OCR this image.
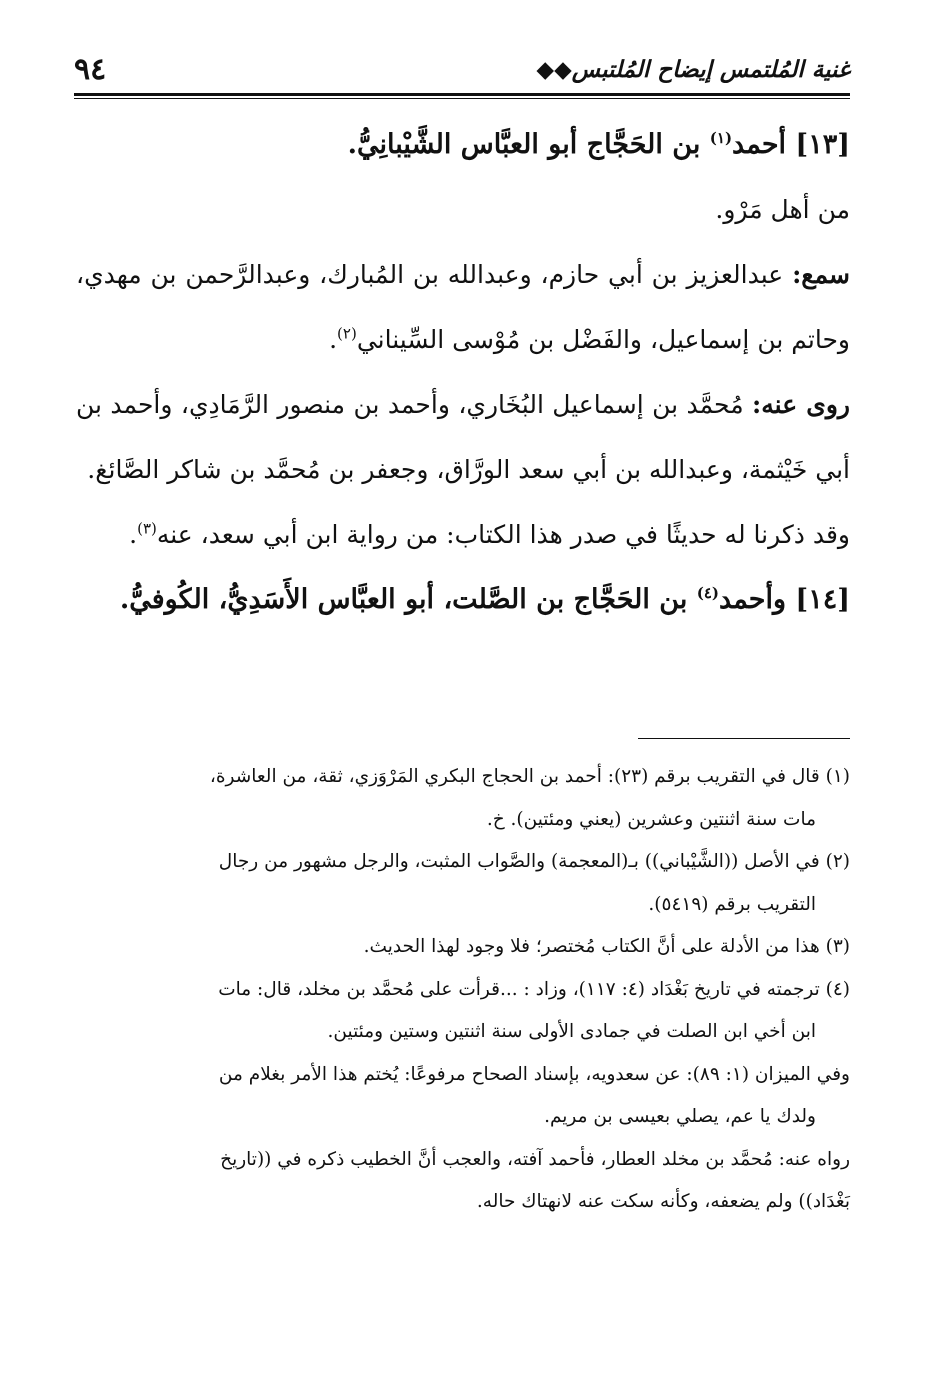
غنية المُلتمس إيضاح المُلتبس◆◆
٩٤

[١٣] أحمد$^{(١)}$ بن الحَجَّاج أبو العبَّاس الشَّيْبانِيُّ.

من أهل مَرْو.

سمع: عبدالعزيز بن أبي حازم، وعبدالله بن المُبارك، وعبدالرَّحمن بن مهدي، وحاتم بن إسماعيل، والفَضْل بن مُوْسى السِّيناني$^{(٢)}$.

روى عنه: مُحمَّد بن إسماعيل البُخَاري، وأحمد بن منصور الرَّمَادِي، وأحمد بن أبي خَيْثمة، وعبدالله بن أبي سعد الورَّاق، وجعفر بن مُحمَّد بن شاكر الصَّائغ.

وقد ذكرنا له حديثًا في صدر هذا الكتاب: من رواية ابن أبي سعد، عنه$^{(٣)}$.

[١٤] وأحمد$^{(٤)}$ بن الحَجَّاج بن الصَّلت، أبو العبَّاس الأَسَدِيُّ، الكُوفيُّ.

(١) قال في التقريب برقم (٢٣): أحمد بن الحجاج البكري المَرْوَزي، ثقة، من العاشرة،

مات سنة اثنتين وعشرين (يعني ومئتين). خ.

(٢) في الأصل ((الشَّيْباني)) بـ(المعجمة) والصَّواب المثبت، والرجل مشهور من رجال

التقريب برقم (٥٤١٩).

(٣) هذا من الأدلة على أنَّ الكتاب مُختصر؛ فلا وجود لهذا الحديث.

(٤) ترجمته في تاريخ بَغْدَاد (٤: ١١٧)، وزاد : ...قرأت على مُحمَّد بن مخلد، قال: مات

ابن أخي ابن الصلت في جمادى الأولى سنة اثنتين وستين ومئتين.

وفي الميزان (١: ٨٩): عن سعدويه، بإسناد الصحاح مرفوعًا: يُختم هذا الأمر بغلام من

ولدك يا عم، يصلي بعيسى بن مريم.

رواه عنه: مُحمَّد بن مخلد العطار، فأحمد آفته، والعجب أنَّ الخطيب ذكره في ((تاريخ

بَغْدَاد)) ولم يضعفه، وكأنه سكت عنه لانهتاك حاله.
